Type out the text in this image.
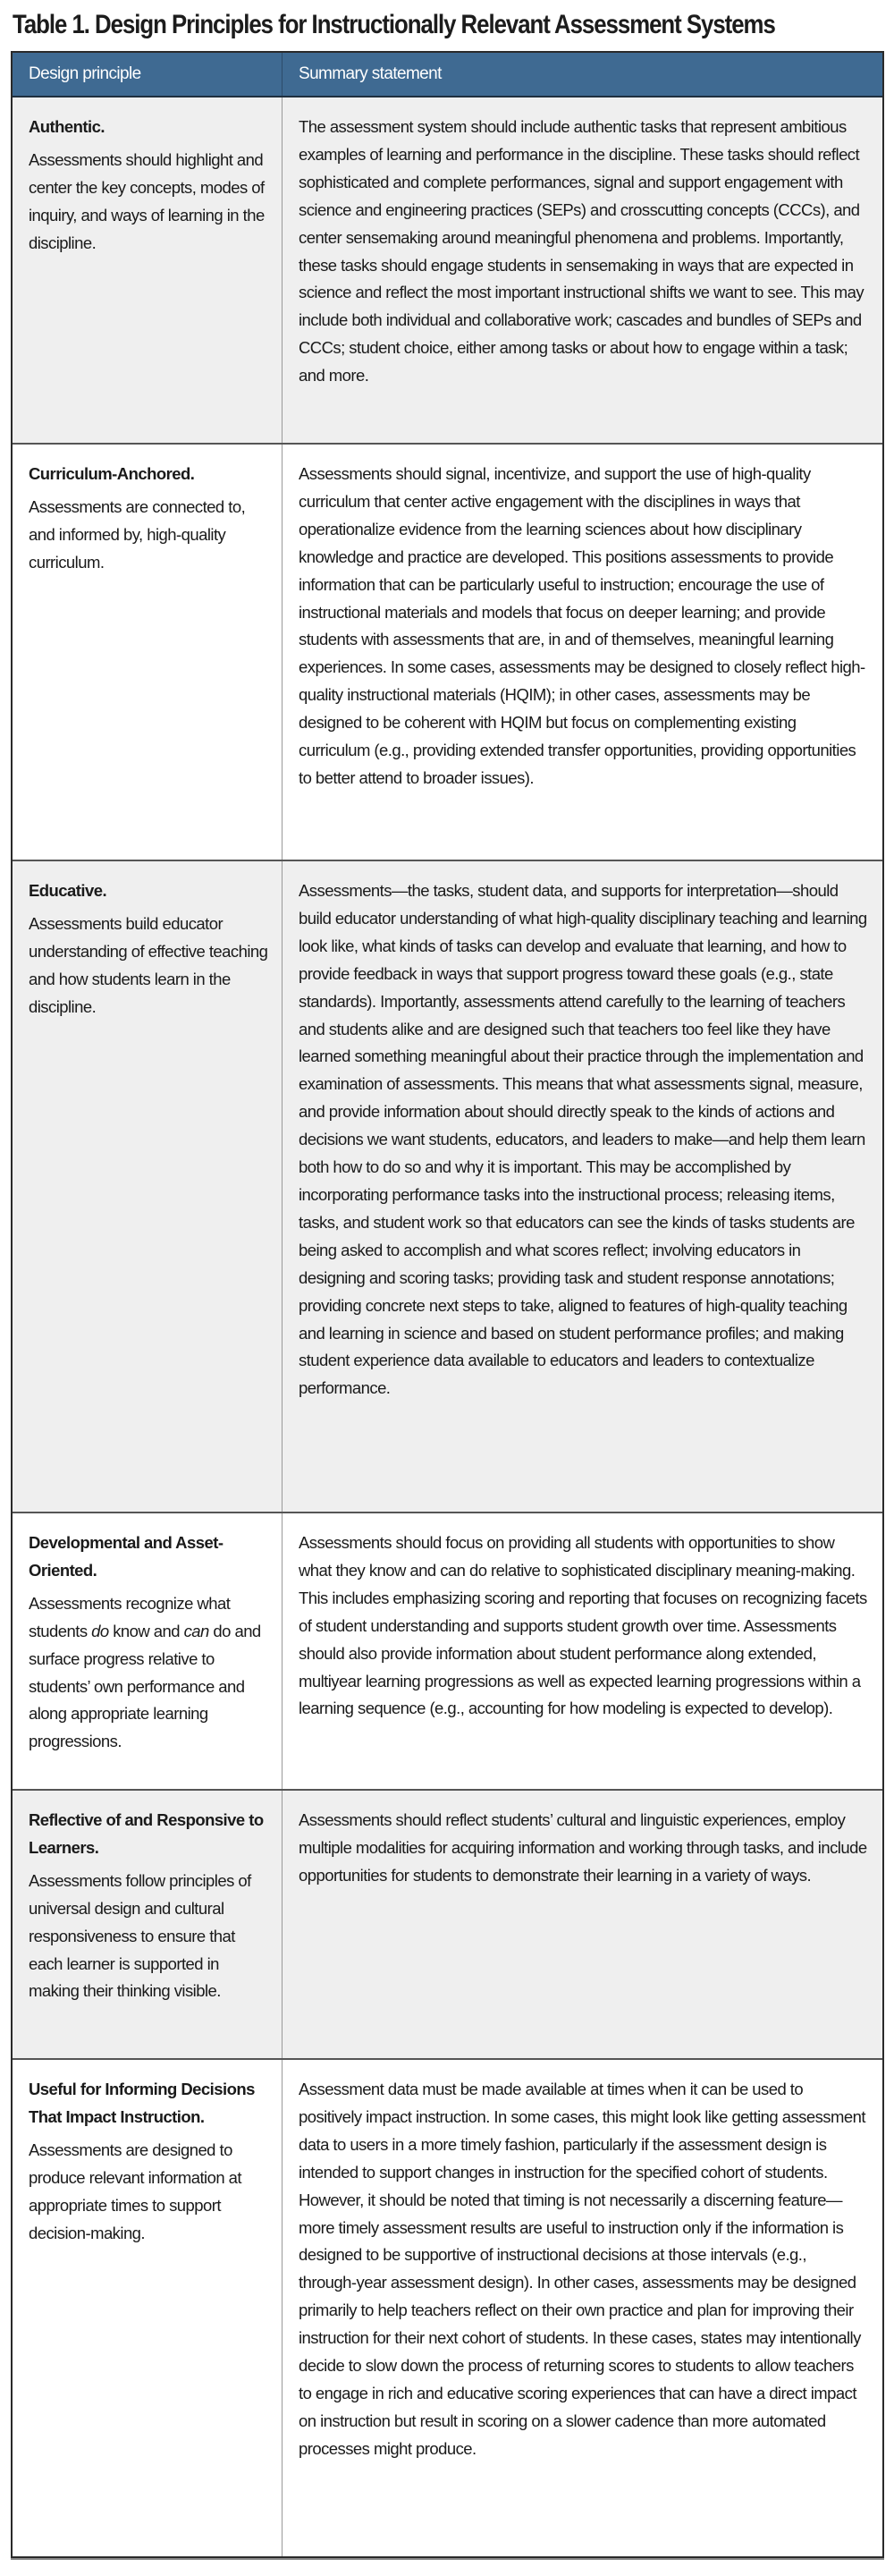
Table 1. Design Principles for Instructionally Relevant Assessment Systems
Design principle	Summary statement
Authentic.
Assessments should highlight and center the key concepts, modes of inquiry, and ways of learning in the discipline.
The assessment system should include authentic tasks that represent ambitious examples of learning and performance in the discipline. These tasks should reflect sophisticated and complete performances, signal and support engagement with science and engineering practices (SEPs) and crosscutting concepts (CCCs), and center sensemaking around meaningful phenomena and problems. Importantly, these tasks should engage students in sensemaking in ways that are expected in science and reflect the most important instructional shifts we want to see. This may include both individual and collaborative work; cascades and bundles of SEPs and CCCs; student choice, either among tasks or about how to engage within a task; and more.
Curriculum-Anchored.
Assessments are connected to, and informed by, high-quality curriculum.
Assessments should signal, incentivize, and support the use of high-quality curriculum that center active engagement with the disciplines in ways that operationalize evidence from the learning sciences about how disciplinary knowledge and practice are developed. This positions assessments to provide information that can be particularly useful to instruction; encourage the use of instructional materials and models that focus on deeper learning; and provide students with assessments that are, in and of themselves, meaningful learning experiences. In some cases, assessments may be designed to closely reflect high-quality instructional materials (HQIM); in other cases, assessments may be designed to be coherent with HQIM but focus on complementing existing curriculum (e.g., providing extended transfer opportunities, providing opportunities to better attend to broader issues).
Educative.
Assessments build educator understanding of effective teaching and how students learn in the discipline.
Assessments—the tasks, student data, and supports for interpretation—should build educator understanding of what high-quality disciplinary teaching and learning look like, what kinds of tasks can develop and evaluate that learning, and how to provide feedback in ways that support progress toward these goals (e.g., state standards). Importantly, assessments attend carefully to the learning of teachers and students alike and are designed such that teachers too feel like they have learned something meaningful about their practice through the implementation and examination of assessments. This means that what assessments signal, measure, and provide information about should directly speak to the kinds of actions and decisions we want students, educators, and leaders to make—and help them learn both how to do so and why it is important. This may be accomplished by incorporating performance tasks into the instructional process; releasing items, tasks, and student work so that educators can see the kinds of tasks students are being asked to accomplish and what scores reflect; involving educators in designing and scoring tasks; providing task and student response annotations; providing concrete next steps to take, aligned to features of high-quality teaching and learning in science and based on student performance profiles; and making student experience data available to educators and leaders to contextualize performance.
Developmental and Asset-Oriented.
Assessments recognize what students do know and can do and surface progress relative to students’ own performance and along appropriate learning progressions.
Assessments should focus on providing all students with opportunities to show what they know and can do relative to sophisticated disciplinary meaning-making. This includes emphasizing scoring and reporting that focuses on recognizing facets of student understanding and supports student growth over time. Assessments should also provide information about student performance along extended, multiyear learning progressions as well as expected learning progressions within a learning sequence (e.g., accounting for how modeling is expected to develop).
Reflective of and Responsive to Learners.
Assessments follow principles of universal design and cultural responsiveness to ensure that each learner is supported in making their thinking visible.
Assessments should reflect students’ cultural and linguistic experiences, employ multiple modalities for acquiring information and working through tasks, and include opportunities for students to demonstrate their learning in a variety of ways.
Useful for Informing Decisions That Impact Instruction.
Assessments are designed to produce relevant information at appropriate times to support decision-making.
Assessment data must be made available at times when it can be used to positively impact instruction. In some cases, this might look like getting assessment data to users in a more timely fashion, particularly if the assessment design is intended to support changes in instruction for the specified cohort of students. However, it should be noted that timing is not necessarily a discerning feature—more timely assessment results are useful to instruction only if the information is designed to be supportive of instructional decisions at those intervals (e.g., through-year assessment design). In other cases, assessments may be designed primarily to help teachers reflect on their own practice and plan for improving their instruction for their next cohort of students. In these cases, states may intentionally decide to slow down the process of returning scores to students to allow teachers to engage in rich and educative scoring experiences that can have a direct impact on instruction but result in scoring on a slower cadence than more automated processes might produce.
